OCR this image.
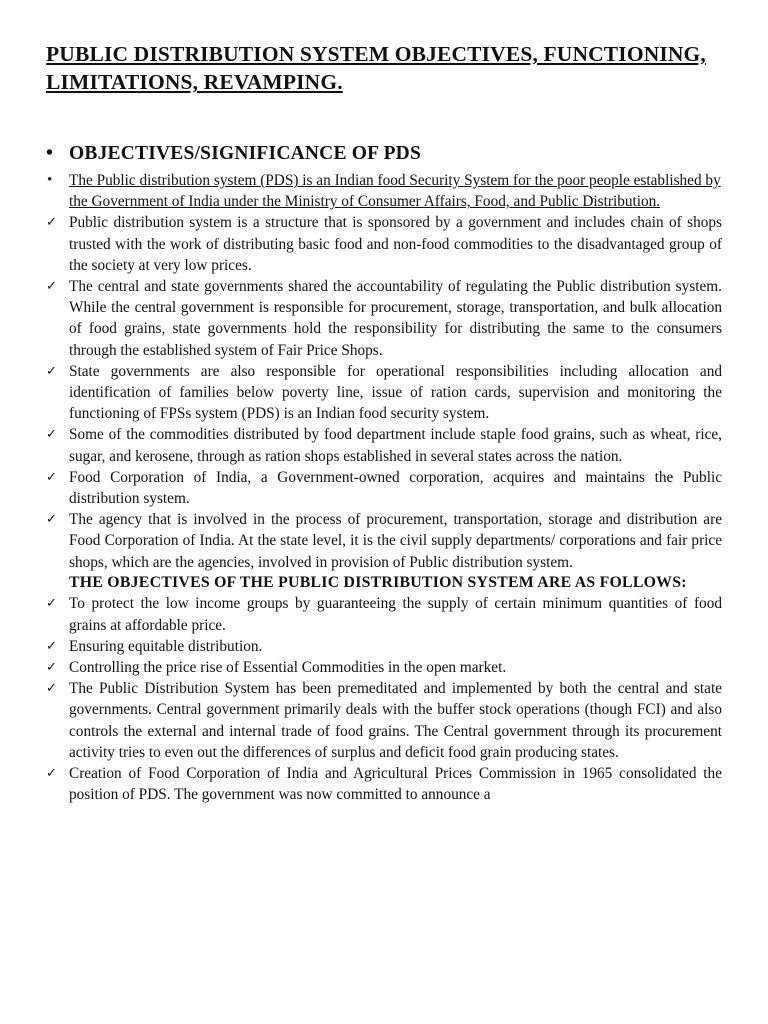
PUBLIC DISTRIBUTION SYSTEM OBJECTIVES, FUNCTIONING, LIMITATIONS, REVAMPING.
• OBJECTIVES/SIGNIFICANCE OF PDS
•	The Public distribution system (PDS) is an Indian food Security System for the poor people established by the Government of India under the Ministry of Consumer Affairs, Food, and Public Distribution.
✓ Public distribution system is a structure that is sponsored by a government and includes chain of shops trusted with the work of distributing basic food and non-food commodities to the disadvantaged group of the society at very low prices.
✓ The central and state governments shared the accountability of regulating the Public distribution system. While the central government is responsible for procurement, storage, transportation, and bulk allocation of food grains, state governments hold the responsibility for distributing the same to the consumers through the established system of Fair Price Shops.
✓ State governments are also responsible for operational responsibilities including allocation and identification of families below poverty line, issue of ration cards, supervision and monitoring the functioning of FPSs system (PDS) is an Indian food security system.
✓ Some of the commodities distributed by food department include staple food grains, such as wheat, rice, sugar, and kerosene, through as ration shops established in several states across the nation.
✓ Food Corporation of India, a Government-owned corporation, acquires and maintains the Public distribution system.
✓ The agency that is involved in the process of procurement, transportation, storage and distribution are Food Corporation of India. At the state level, it is the civil supply departments/ corporations and fair price shops, which are the agencies, involved in provision of Public distribution system.
THE OBJECTIVES OF THE PUBLIC DISTRIBUTION SYSTEM ARE AS FOLLOWS:
✓ To protect the low income groups by guaranteeing the supply of certain minimum quantities of food grains at affordable price.
✓ Ensuring equitable distribution.
✓ Controlling the price rise of Essential Commodities in the open market.
✓ The Public Distribution System has been premeditated and implemented by both the central and state governments. Central government primarily deals with the buffer stock operations (though FCI) and also controls the external and internal trade of food grains. The Central government through its procurement activity tries to even out the differences of surplus and deficit food grain producing states.
✓ Creation of Food Corporation of India and Agricultural Prices Commission in 1965 consolidated the position of PDS. The government was now committed to announce a
